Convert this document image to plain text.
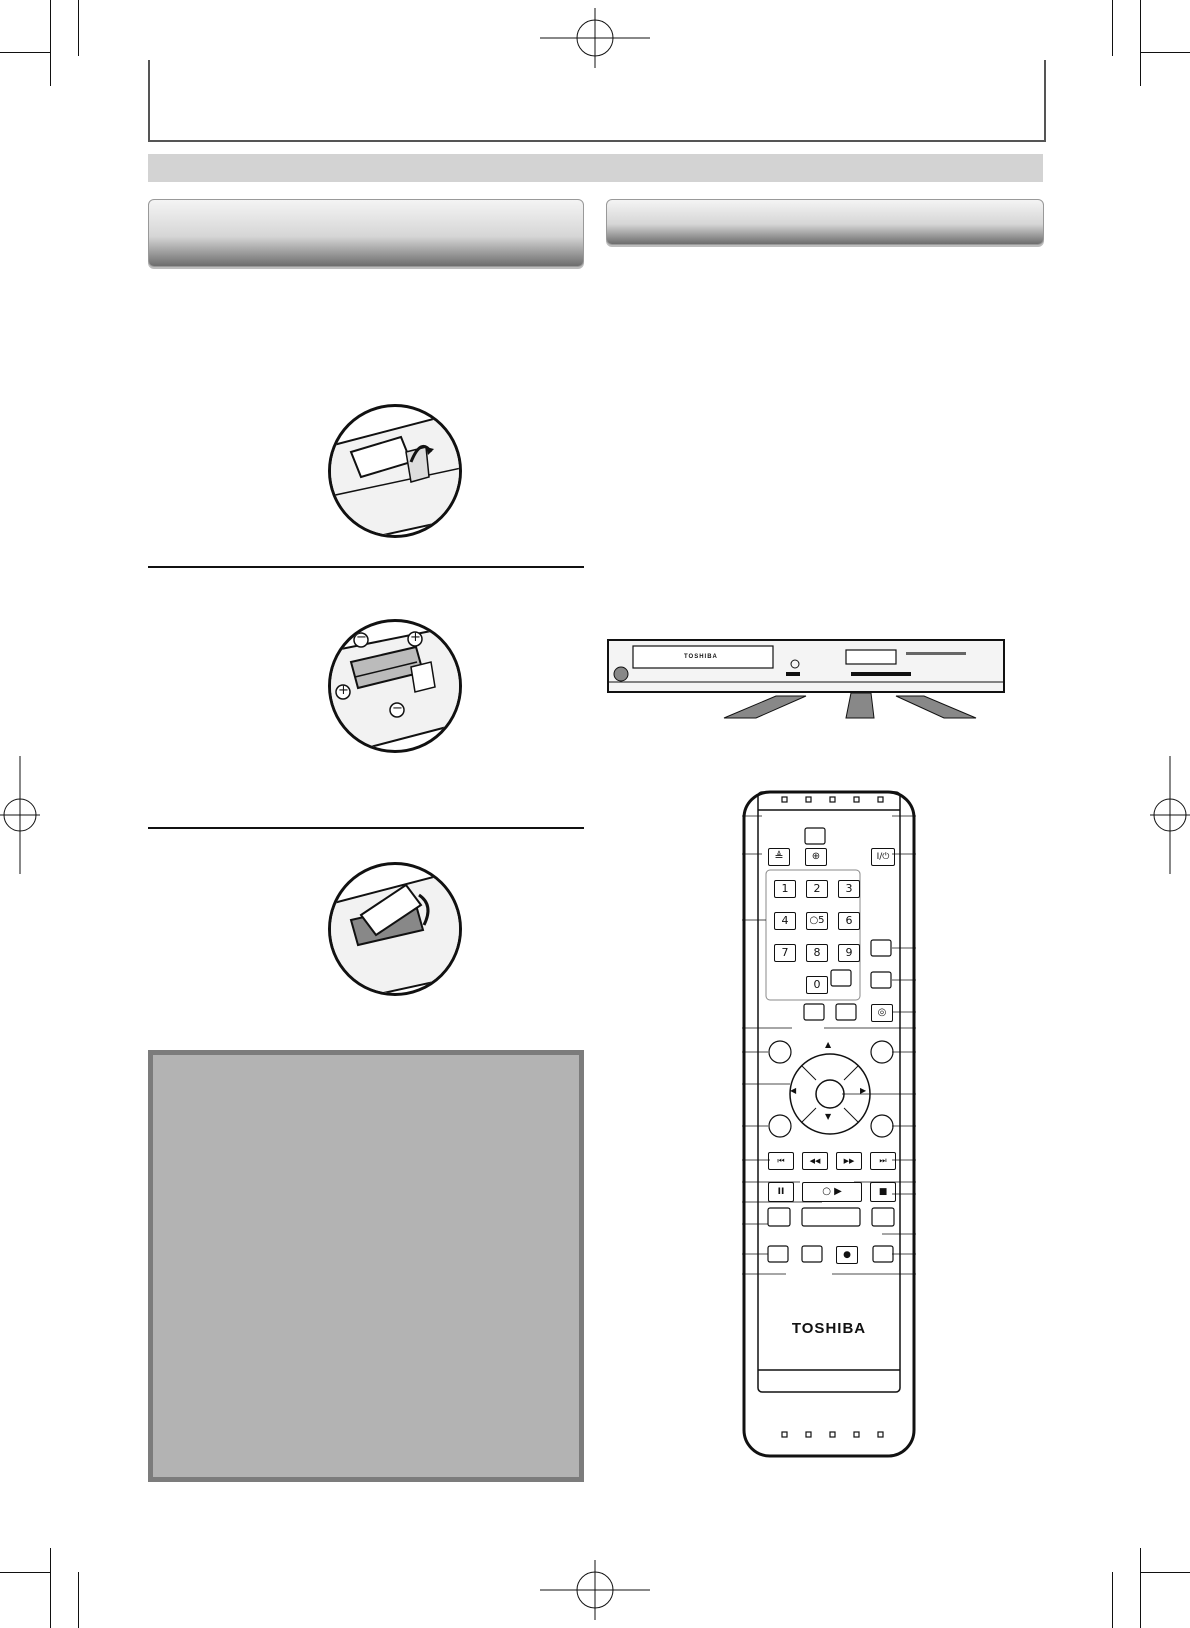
−	+
+
−
TOSHIBA
≜	⊕	I/⏻
1	2	3
4	○5	6
7	8	9
0
◎
▲
▼
◀	▶
⏮	◀◀	▶▶	⏭
II	○ ▶	■
●
TOSHIBA
